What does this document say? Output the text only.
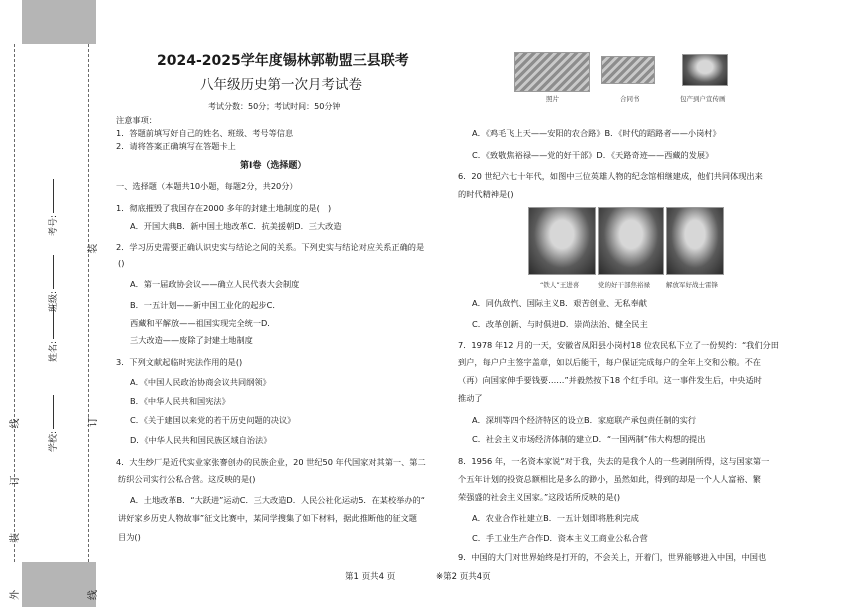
外 装 订 线	线 订 装
学校:
姓名:
班级:
考号:
2024-2025学年度锡林郭勒盟三县联考
八年级历史第一次月考试卷
考试分数：50分；考试时间：50分钟
注意事项：
1．答题前填写好自己的姓名、班级、考号等信息
2．请将答案正确填写在答题卡上
第Ⅰ卷（选择题）
一、选择题（本题共10小题，每题2分，共20分）
1．彻底摧毁了我国存在2000 多年的封建土地制度的是(　)
A．开国大典B．新中国土地改革C．抗美援朝D．三大改造
2．学习历史需要正确认识史实与结论之间的关系。下列史实与结论对应关系正确的是
()
A．第一届政协会议——确立人民代表大会制度
B．一五计划——新中国工业化的起步C．
西藏和平解放——祖国实现完全统一D．
三大改造——废除了封建土地制度
3．下列文献起临时宪法作用的是()
A．《中国人民政治协商会议共同纲领》
B．《中华人民共和国宪法》
C．《关于建国以来党的若干历史问题的决议》
D．《中华人民共和国民族区域自治法》
4．大生纱厂是近代实业家张謇创办的民族企业，20 世纪50 年代国家对其第一、第二
纺织公司实行公私合营。这反映的是()
A．土地改革B．“大跃进”运动C．三大改造D．人民公社化运动5．在某校举办的“
讲好家乡历史人物故事”征文比赛中，某同学搜集了如下材料，据此推断他的征文题
目为()
照片	合同书	包产到户宣传画
A．《鸡毛飞上天——安阳的农合路》B．《时代的蹈路者——小岗村》
C．《致敬焦裕禄——党的好干部》D．《天路奇迹——西藏的发展》
6．20 世纪六七十年代，如图中三位英雄人物的纪念馆相继建成，他们共同体现出来
的时代精神是()
“铁人”王进喜	党的好干部焦裕禄 解放军好战士雷锋
A．同仇敌忾、国际主义B．艰苦创业、无私奉献
C．改革创新、与时俱进D．崇尚法治、健全民主
7．1978 年12 月的一天，安徽省凤阳县小岗村18 位农民私下立了一份契约：“我们分田
到户，每户户主签字盖章，如以后能干，每户保证完成每户的全年上交和公粮。不在
（再）向国家伸手要钱要……”并毅然按下18 个红手印。这一事件发生后，中央适时
推动了
A．深圳等四个经济特区的设立B．家庭联产承包责任制的实行
C．社会主义市场经济体制的建立D．“一国两制”伟大构想的提出
8．1956 年，一名资本家说“对于我，失去的是我个人的一些剥削所得，这与国家第一
个五年计划的投资总额相比是多么的渺小，虽然如此，得到的却是一个人人富裕、繁
荣强盛的社会主义国家。”这段话所反映的是()
A．农业合作社建立B．一五计划即将胜利完成
C．手工业生产合作D．资本主义工商业公私合营
9．中国的大门对世界始终是打开的，不会关上，开着门，世界能够进入中国，中国也
第1 页共4 页	※第2 页共4页
